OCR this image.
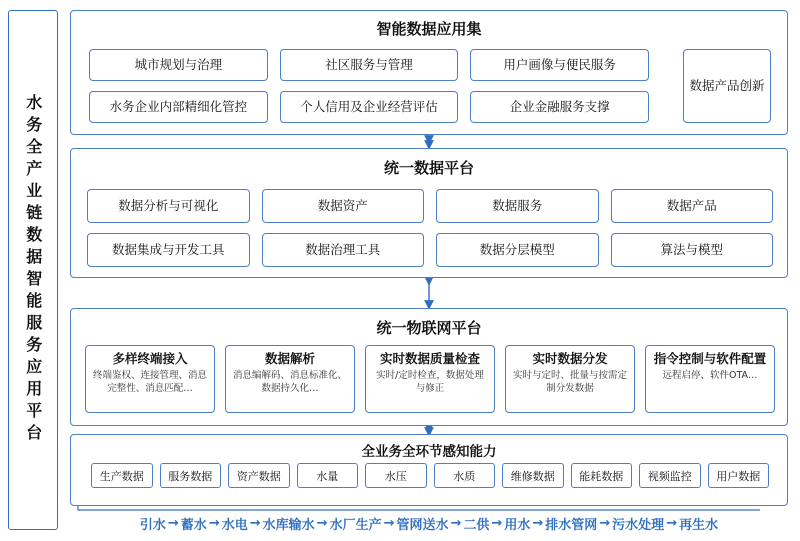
水务全产业链数据智能服务应用平台
智能数据应用集
城市规划与治理	社区服务与管理	用户画像与便民服务
水务企业内部精细化管控	个人信用及企业经营评估	企业金融服务支撑
数据产品创新
统一数据平台
数据分析与可视化	数据资产	数据服务	数据产品
数据集成与开发工具	数据治理工具	数据分层模型	算法与模型
统一物联网平台
多样终端接入
终端鉴权、连接管理、消息完整性、消息匹配…
数据解析
消息编解码、消息标准化、数据持久化…
实时数据质量检查
实时/定时检查，数据处理与修正
实时数据分发
实时与定时、批量与按需定制分发数据
指令控制与软件配置
远程启停、软件OTA…
全业务全环节感知能力
生产数据	服务数据	资产数据	水量	水压	水质	维修数据	能耗数据	视频监控	用户数据
引水 → 蓄水 → 水电 → 水库输水 → 水厂生产 → 管网送水 → 二供 → 用水 → 排水管网 → 污水处理 → 再生水
